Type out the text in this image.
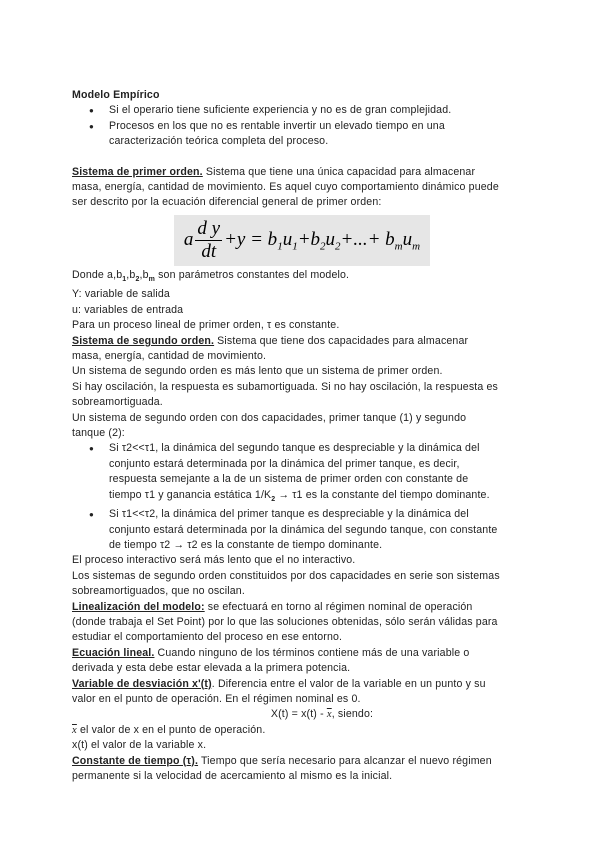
Modelo Empírico
● Si el operario tiene suficiente experiencia y no es de gran complejidad.
● Procesos en los que no es rentable invertir un elevado tiempo en una
caracterización teórica completa del proceso.
Sistema de primer orden. Sistema que tiene una única capacidad para almacenar
masa, energía, cantidad de movimiento. Es aquel cuyo comportamiento dinámico puede
ser descrito por la ecuación diferencial general de primer orden:
a $\frac{\text{d y}}{dt} +y = b_1u_1+b_2u_2+...+ b_mu_m$
Donde $a,b_1,b_2,b_m$ son parámetros constantes del modelo.
Y: variable de salida
u: variables de entrada
Para un proceso lineal de primer orden, τ es constante.
Sistema de segundo orden. Sistema que tiene dos capacidades para almacenar
masa, energía, cantidad de movimiento.
Un sistema de segundo orden es más lento que un sistema de primer orden.
Si hay oscilación, la respuesta es subamortiguada. Si no hay oscilación, la respuesta es
sobreamortiguada.
Un sistema de segundo orden con dos capacidades, primer tanque (1) y segundo
tanque (2):
● Si τ2<<τ1, la dinámica del segundo tanque es despreciable y la dinámica del
conjunto estará determinada por la dinámica del primer tanque, es decir,
respuesta semejante a la de un sistema de primer orden con constante de
tiempo τ1 y ganancia estática $1/K_2 \to \tau 1$ es la constante del tiempo dominante.
● Si τ1<<τ2, la dinámica del primer tanque es despreciable y la dinámica del
conjunto estará determinada por la dinámica del segundo tanque, con constante
de tiempo τ2 → τ2 es la constante de tiempo dominante.
El proceso interactivo será más lento que el no interactivo.
Los sistemas de segundo orden constituidos por dos capacidades en serie son sistemas
sobreamortiguados, que no oscilan.
Linealización del modelo: se efectuará en torno al régimen nominal de operación
(donde trabaja el Set Point) por lo que las soluciones obtenidas, sólo serán válidas para
estudiar el comportamiento del proceso en ese entorno.
Ecuación lineal. Cuando ninguno de los términos contiene más de una variable o
derivada y esta debe estar elevada a la primera potencia.
Variable de desviación x'(t). Diferencia entre el valor de la variable en un punto y su
valor en el punto de operación. En el régimen nominal es 0.
$X(t) = x(t) - \overline{x}$, siendo:
$\overline{x}$ el valor de x en el punto de operación.
x(t) el valor de la variable x.
Constante de tiempo (τ). Tiempo que sería necesario para alcanzar el nuevo régimen
permanente si la velocidad de acercamiento al mismo es la inicial.
